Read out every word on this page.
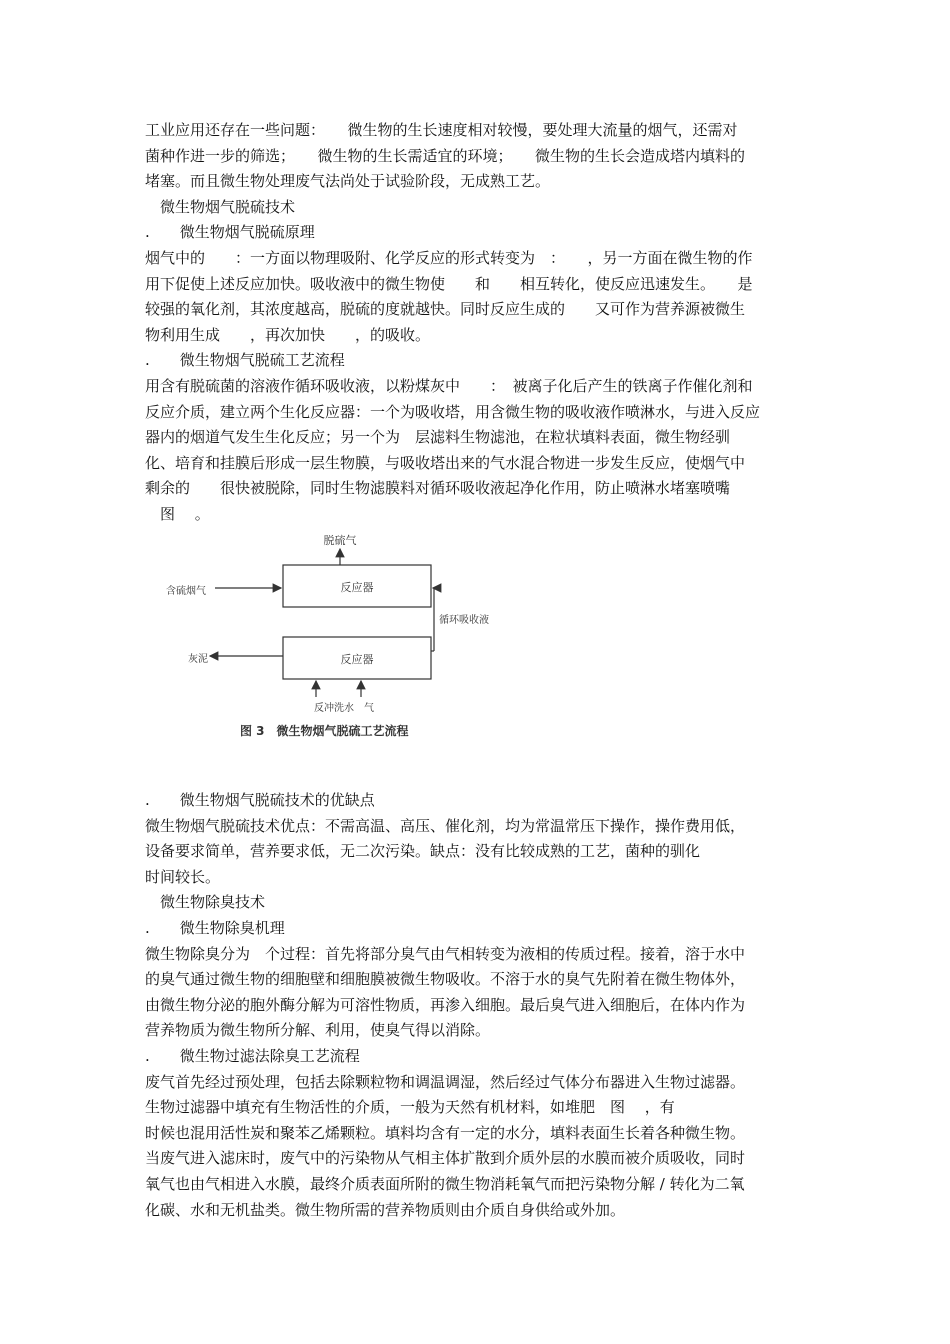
工业应用还存在一些问题：　　微生物的生长速度相对较慢，要处理大流量的烟气，还需对
菌种作进一步的筛选；　　微生物的生长需适宜的环境；　　微生物的生长会造成塔内填料的
堵塞。而且微生物处理废气法尚处于试验阶段，无成熟工艺。
　微生物烟气脱硫技术
.　　微生物烟气脱硫原理
烟气中的　　：一方面以物理吸附、化学反应的形式转变为　：　　，另一方面在微生物的作
用下促使上述反应加快。吸收液中的微生物使　　和　　相互转化，使反应迅速发生。　　是
较强的氧化剂，其浓度越高，脱硫的度就越快。同时反应生成的　　又可作为营养源被微生
物利用生成　　，再次加快　　，的吸收。
.　　微生物烟气脱硫工艺流程
用含有脱硫菌的溶液作循环吸收液，以粉煤灰中　　：　被离子化后产生的铁离子作催化剂和
反应介质，建立两个生化反应器：一个为吸收塔，用含微生物的吸收液作喷淋水，与进入反应
器内的烟道气发生生化反应；另一个为　层滤料生物滤池，在粒状填料表面，微生物经驯
化、培育和挂膜后形成一层生物膜，与吸收塔出来的气水混合物进一步发生反应，使烟气中
剩余的　　很快被脱除，同时生物滤膜料对循环吸收液起净化作用，防止喷淋水堵塞喷嘴
　图　 。
脱硫气
反应器
含硫烟气
循环吸收液
反应器
灰泥
反冲洗水　气
图 3　微生物烟气脱硫工艺流程
.　　微生物烟气脱硫技术的优缺点
微生物烟气脱硫技术优点：不需高温、高压、催化剂，均为常温常压下操作，操作费用低，
设备要求简单，营养要求低，无二次污染。缺点：没有比较成熟的工艺，菌种的驯化
时间较长。
　微生物除臭技术
.　　微生物除臭机理
微生物除臭分为　个过程：首先将部分臭气由气相转变为液相的传质过程。接着，溶于水中
的臭气通过微生物的细胞壁和细胞膜被微生物吸收。不溶于水的臭气先附着在微生物体外，
由微生物分泌的胞外酶分解为可溶性物质，再渗入细胞。最后臭气进入细胞后，在体内作为
营养物质为微生物所分解、利用，使臭气得以消除。
.　　微生物过滤法除臭工艺流程
废气首先经过预处理，包括去除颗粒物和调温调湿，然后经过气体分布器进入生物过滤器。
生物过滤器中填充有生物活性的介质，一般为天然有机材料，如堆肥　图　 ，有
时候也混用活性炭和聚苯乙烯颗粒。填料均含有一定的水分，填料表面生长着各种微生物。
当废气进入滤床时，废气中的污染物从气相主体扩散到介质外层的水膜而被介质吸收，同时
氧气也由气相进入水膜，最终介质表面所附的微生物消耗氧气而把污染物分解 / 转化为二氧
化碳、水和无机盐类。微生物所需的营养物质则由介质自身供给或外加。
